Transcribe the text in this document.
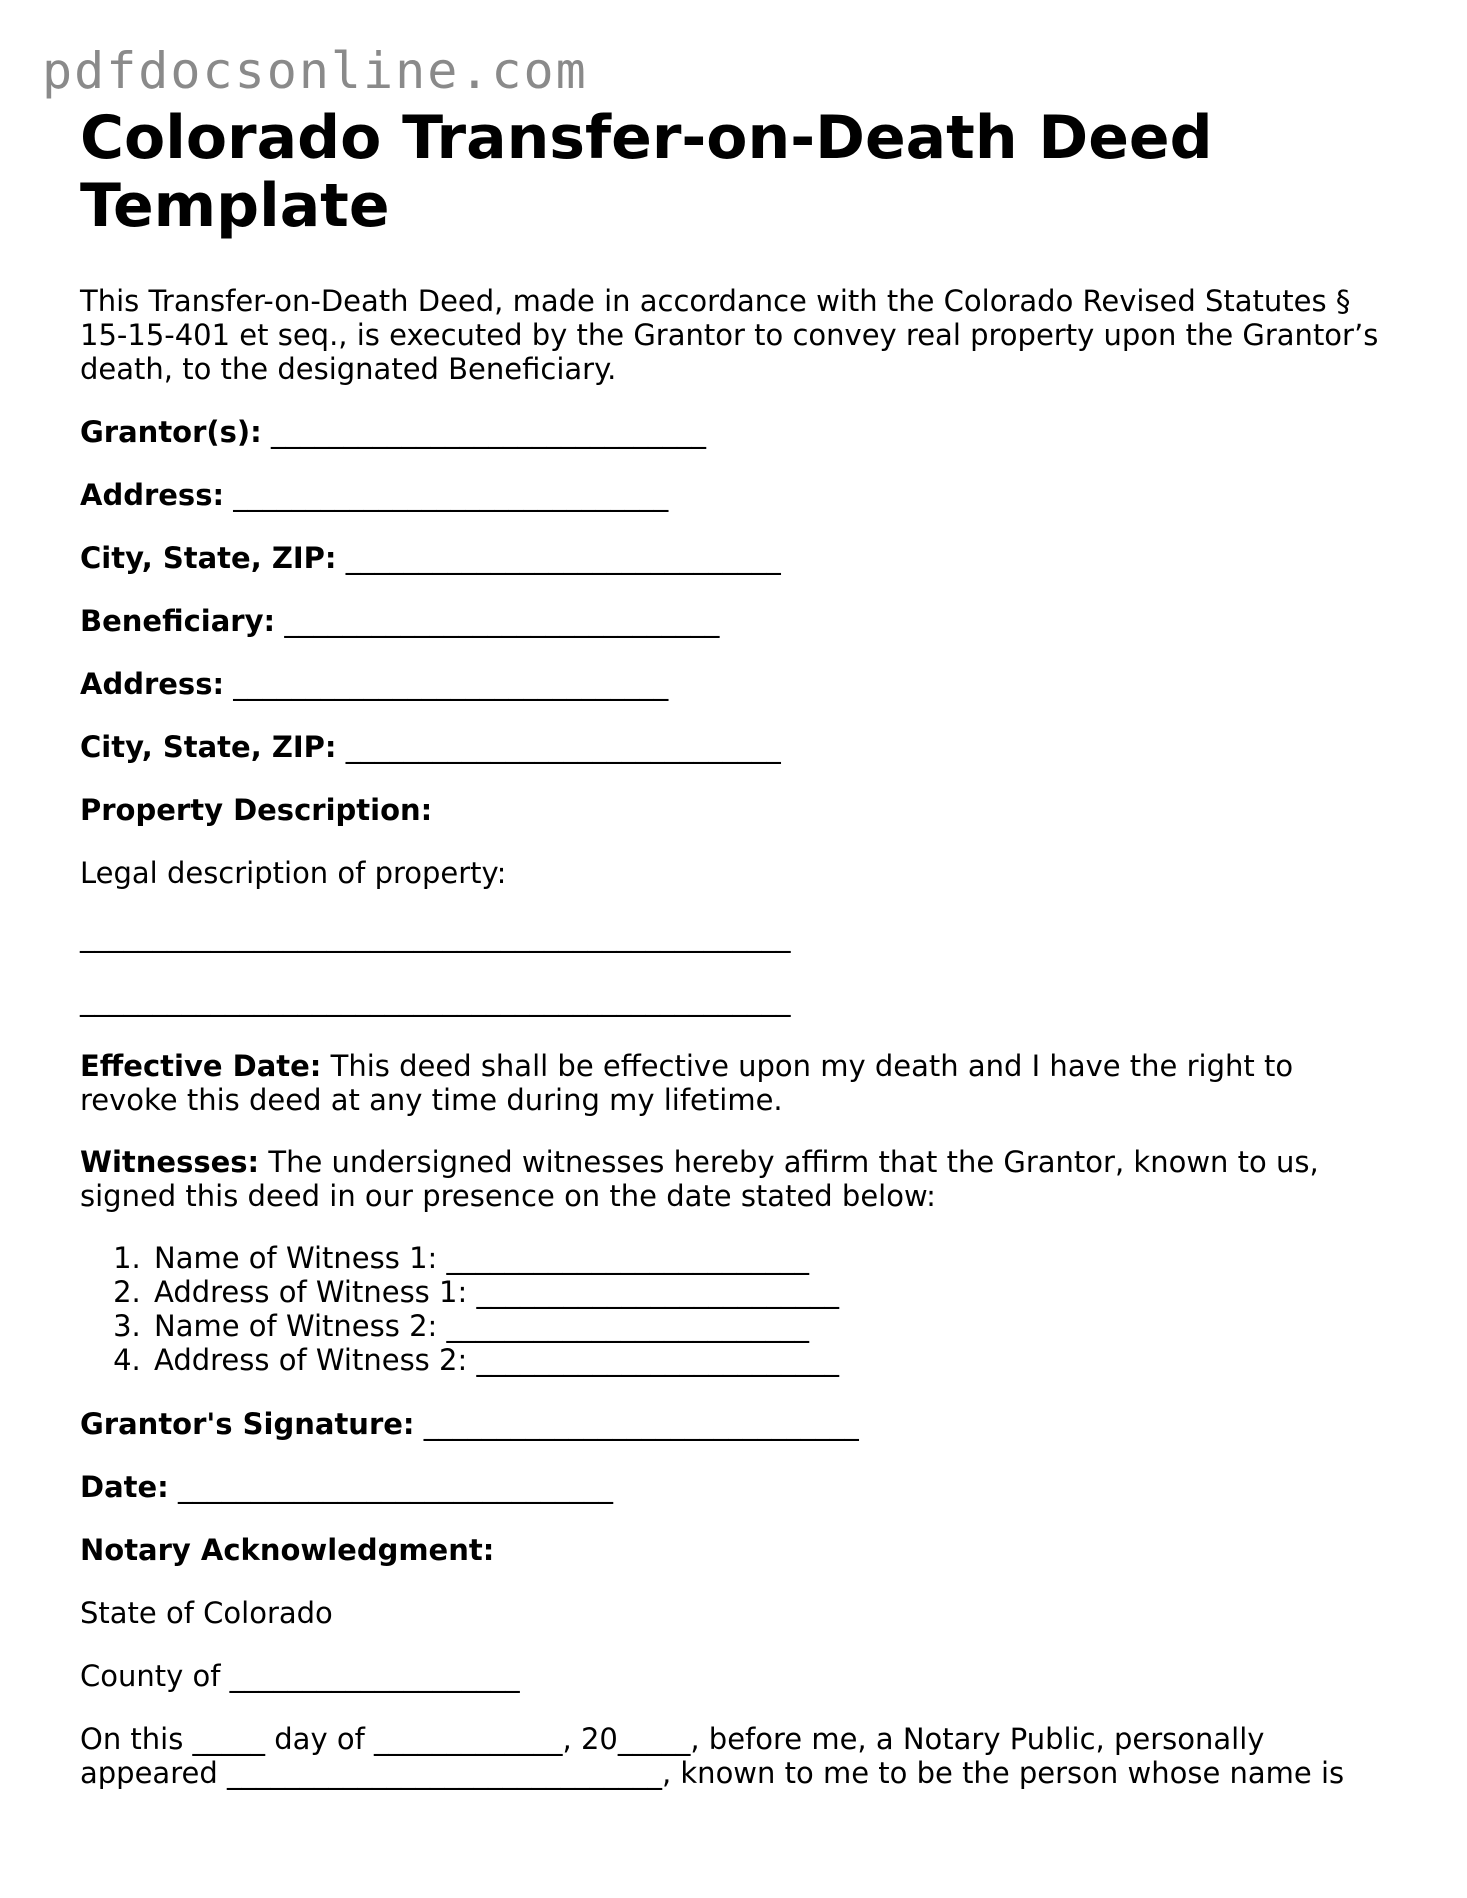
pdfdocsonline.com
Colorado Transfer-on-Death Deed Template

This Transfer-on-Death Deed, made in accordance with the Colorado Revised Statutes § 15-15-401 et seq., is executed by the Grantor to convey real property upon the Grantor’s death, to the designated Beneficiary.

Grantor(s): ______________________________

Address: ______________________________

City, State, ZIP: ______________________________

Beneficiary: ______________________________

Address: ______________________________

City, State, ZIP: ______________________________

Property Description:

Legal description of property:

_________________________________________________

_________________________________________________

Effective Date: This deed shall be effective upon my death and I have the right to revoke this deed at any time during my lifetime.

Witnesses: The undersigned witnesses hereby affirm that the Grantor, known to us, signed this deed in our presence on the date stated below:

1. Name of Witness 1: _________________________
2. Address of Witness 1: _________________________
3. Name of Witness 2: _________________________
4. Address of Witness 2: _________________________

Grantor's Signature: ______________________________

Date: ______________________________

Notary Acknowledgment:

State of Colorado

County of ____________________

On this _____ day of _____________, 20_____, before me, a Notary Public, personally appeared ______________________________, known to me to be the person whose name is
